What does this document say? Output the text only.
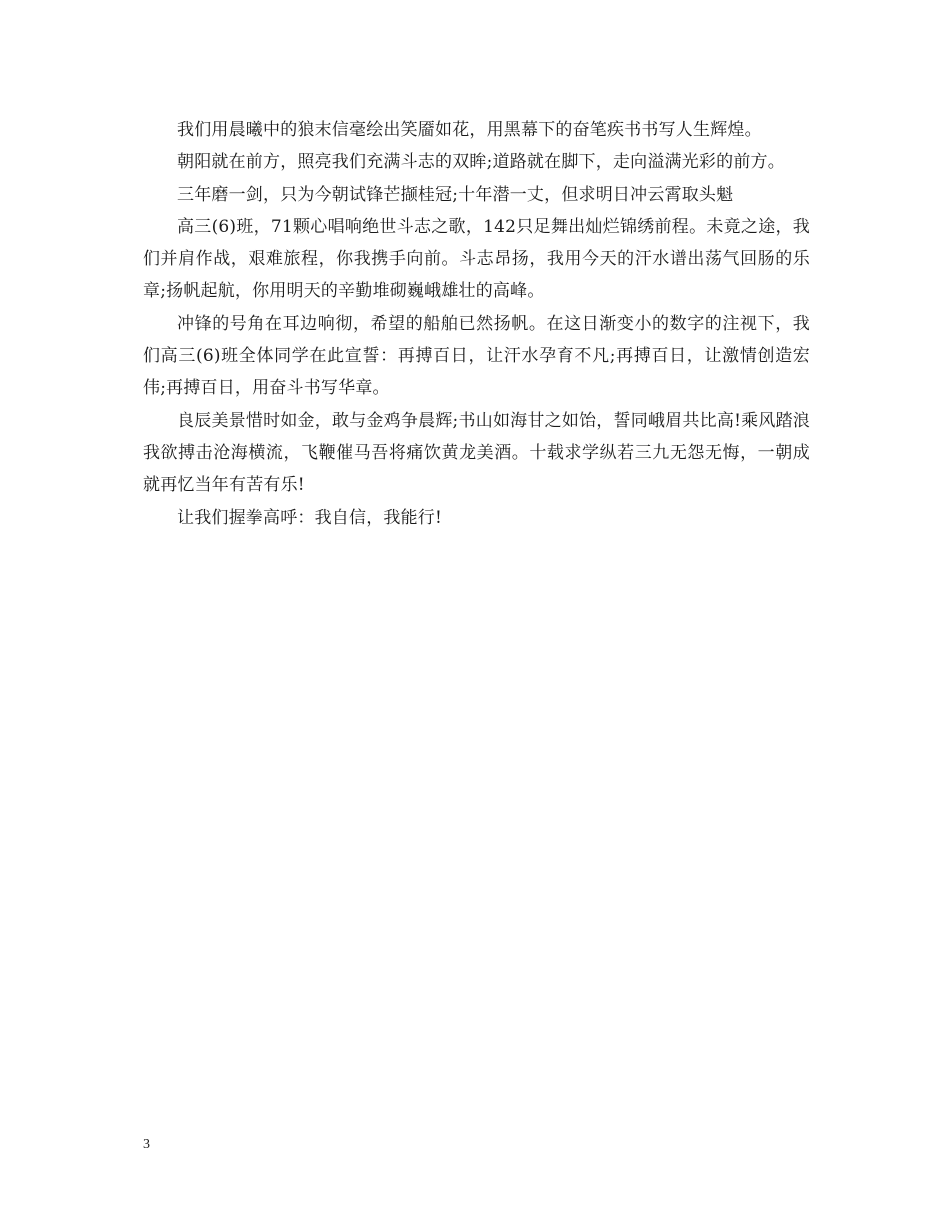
我们用晨曦中的狼末信毫绘出笑靥如花，用黑幕下的奋笔疾书书写人生辉煌。

朝阳就在前方，照亮我们充满斗志的双眸;道路就在脚下，走向溢满光彩的前方。

三年磨一剑，只为今朝试锋芒撷桂冠;十年潜一丈，但求明日冲云霄取头魁

高三(6)班，71颗心唱响绝世斗志之歌，142只足舞出灿烂锦绣前程。未竟之途，我们并肩作战，艰难旅程，你我携手向前。斗志昂扬，我用今天的汗水谱出荡气回肠的乐章;扬帆起航，你用明天的辛勤堆砌巍峨雄壮的高峰。

冲锋的号角在耳边响彻，希望的船舶已然扬帆。在这日渐变小的数字的注视下，我们高三(6)班全体同学在此宣誓：再搏百日，让汗水孕育不凡;再搏百日，让激情创造宏伟;再搏百日，用奋斗书写华章。

良辰美景惜时如金，敢与金鸡争晨辉;书山如海甘之如饴，誓同峨眉共比高!乘风踏浪我欲搏击沧海横流，飞鞭催马吾将痛饮黄龙美酒。十载求学纵若三九无怨无悔，一朝成就再忆当年有苦有乐!

让我们握拳高呼：我自信，我能行!

3
